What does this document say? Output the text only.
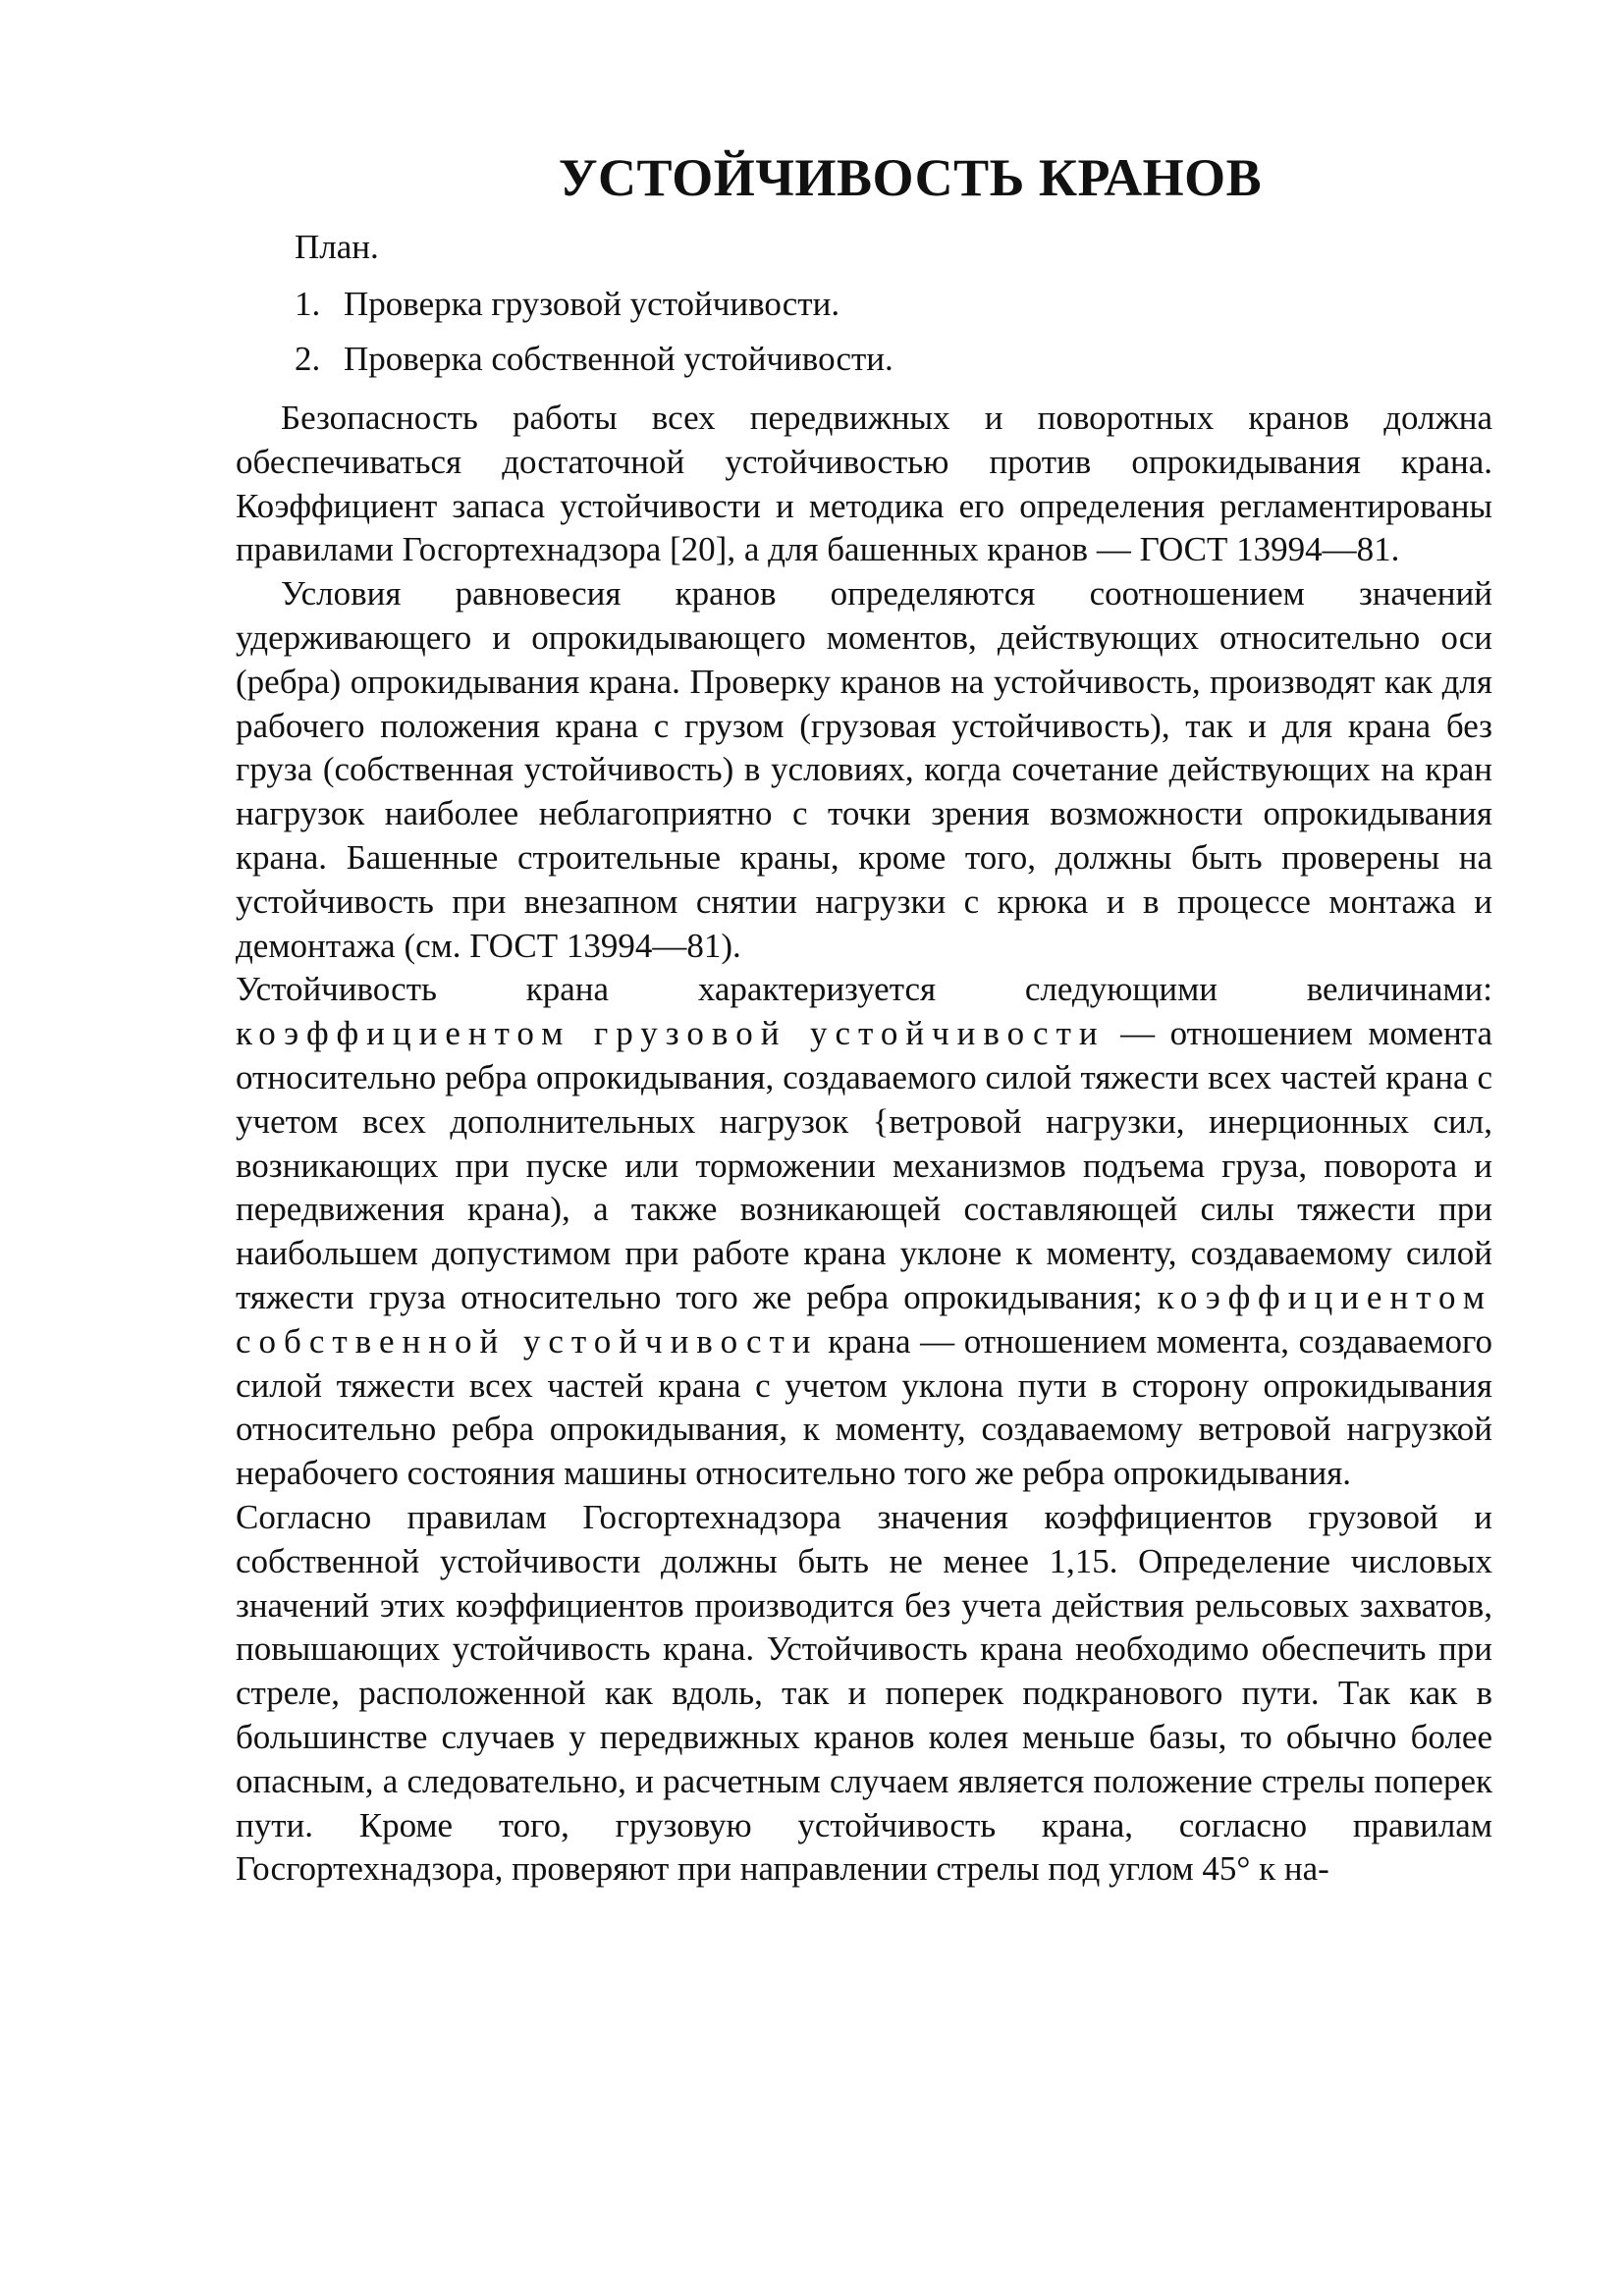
УСТОЙЧИВОСТЬ КРАНОВ
План.
1. Проверка грузовой устойчивости.
2. Проверка собственной устойчивости.

Безопасность работы всех передвижных и поворотных кранов должна обеспечиваться достаточной устойчивостью против опрокидывания крана. Коэффициент запаса устойчивости и методика его определения регламентированы правилами Госгортехнадзора [20], а для башенных кранов — ГОСТ 13994—81.

Условия равновесия кранов определяются соотношением значений удерживающего и опрокидывающего моментов, действующих относительно оси (ребра) опрокидывания крана. Проверку кранов на устойчивость, производят как для рабочего положения крана с грузом (грузовая устойчивость), так и для крана без груза (собственная устойчивость) в условиях, когда сочетание действующих на кран нагрузок наиболее неблагоприятно с точки зрения возможности опрокидывания крана. Башенные строительные краны, кроме того, должны быть проверены на устойчивость при внезапном снятии нагрузки с крюка и в процессе монтажа и демонтажа (см. ГОСТ 13994—81).

Устойчивость крана характеризуется следующими величинами: коэффициентом грузовой устойчивости — отношением момента относительно ребра опрокидывания, создаваемого силой тяжести всех частей крана с учетом всех дополнительных нагрузок {ветровой нагрузки, инерционных сил, возникающих при пуске или торможении механизмов подъема груза, поворота и передвижения крана), а также возникающей составляющей силы тяжести при наибольшем допустимом при работе крана уклоне к моменту, создаваемому силой тяжести груза относительно того же ребра опрокидывания; коэффициентом собственной устойчивости крана — отношением момента, создаваемого силой тяжести всех частей крана с учетом уклона пути в сторону опрокидывания относительно ребра опрокидывания, к моменту, создаваемому ветровой нагрузкой нерабочего состояния машины относительно того же ребра опрокидывания.

Согласно правилам Госгортехнадзора значения коэффициентов грузовой и собственной устойчивости должны быть не менее 1,15. Определение числовых значений этих коэффициентов производится без учета действия рельсовых захватов, повышающих устойчивость крана. Устойчивость крана необходимо обеспечить при стреле, расположенной как вдоль, так и поперек подкранового пути. Так как в большинстве случаев у передвижных кранов колея меньше базы, то обычно более опасным, а следовательно, и расчетным случаем является положение стрелы поперек пути. Кроме того, грузовую устойчивость крана, согласно правилам Госгортехнадзора, проверяют при направлении стрелы под углом 45° к на-
